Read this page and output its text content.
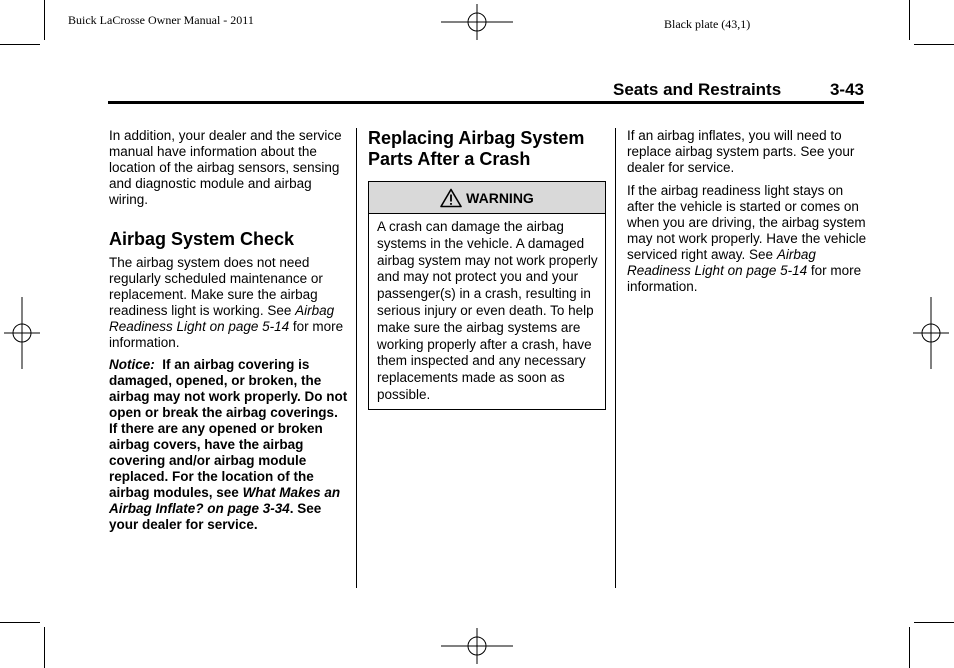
Buick LaCrosse Owner Manual - 2011	Black plate (43,1)
Seats and Restraints	3-43

In addition, your dealer and the service manual have information about the location of the airbag sensors, sensing and diagnostic module and airbag wiring.

Airbag System Check

The airbag system does not need regularly scheduled maintenance or replacement. Make sure the airbag readiness light is working. See Airbag Readiness Light on page 5-14 for more information.

Notice: If an airbag covering is damaged, opened, or broken, the airbag may not work properly. Do not open or break the airbag coverings. If there are any opened or broken airbag covers, have the airbag covering and/or airbag module replaced. For the location of the airbag modules, see What Makes an Airbag Inflate? on page 3-34. See your dealer for service.

Replacing Airbag System Parts After a Crash
WARNING
A crash can damage the airbag systems in the vehicle. A damaged airbag system may not work properly and may not protect you and your passenger(s) in a crash, resulting in serious injury or even death. To help make sure the airbag systems are working properly after a crash, have them inspected and any necessary replacements made as soon as possible.

If an airbag inflates, you will need to replace airbag system parts. See your dealer for service.

If the airbag readiness light stays on after the vehicle is started or comes on when you are driving, the airbag system may not work properly. Have the vehicle serviced right away. See Airbag Readiness Light on page 5-14 for more information.
